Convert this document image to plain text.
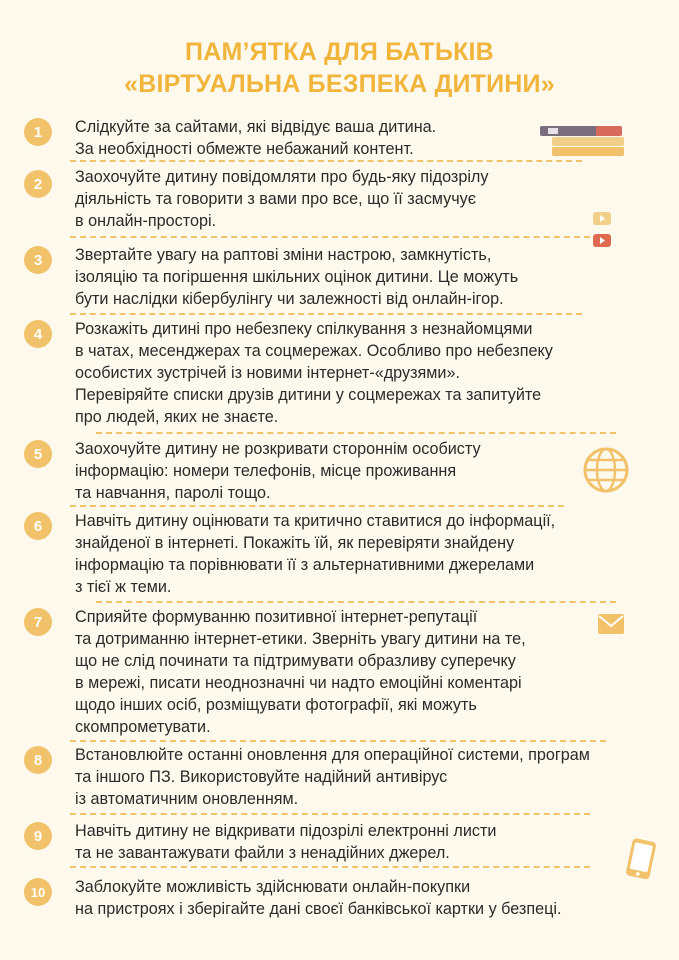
ПАМ’ЯТКА ДЛЯ БАТЬКІВ
«ВІРТУАЛЬНА БЕЗПЕКА ДИТИНИ»
1	Слідкуйте за сайтами, які відвідує ваша дитина.
За необхідності обмежте небажаний контент.
2	Заохочуйте дитину повідомляти про будь-яку підозрілу
діяльність та говорити з вами про все, що її засмучує
в онлайн-просторі.
3	Звертайте увагу на раптові зміни настрою, замкнутість,
ізоляцію та погіршення шкільних оцінок дитини. Це можуть
бути наслідки кібербулінгу чи залежності від онлайн-ігор.
4	Розкажіть дитині про небезпеку спілкування з незнайомцями
в чатах, месенджерах та соцмережах. Особливо про небезпеку
особистих зустрічей із новими інтернет-«друзями».
Перевіряйте списки друзів дитини у соцмережах та запитуйте
про людей, яких не знаєте.
5	Заохочуйте дитину не розкривати стороннім особисту
інформацію: номери телефонів, місце проживання
та навчання, паролі тощо.
6	Навчіть дитину оцінювати та критично ставитися до інформації,
знайденої в інтернеті. Покажіть їй, як перевіряти знайдену
інформацію та порівнювати її з альтернативними джерелами
з тієї ж теми.
7	Сприяйте формуванню позитивної інтернет-репутації
та дотриманню інтернет-етики. Зверніть увагу дитини на те,
що не слід починати та підтримувати образливу суперечку
в мережі, писати неоднозначні чи надто емоційні коментарі
щодо інших осіб, розміщувати фотографії, які можуть
скомпрометувати.
8	Встановлюйте останні оновлення для операційної системи, програм
та іншого ПЗ. Використовуйте надійний антивірус
із автоматичним оновленням.
9	Навчіть дитину не відкривати підозрілі електронні листи
та не завантажувати файли з ненадійних джерел.
10	Заблокуйте можливість здійснювати онлайн-покупки
на пристроях і зберігайте дані своєї банківської картки у безпеці.
